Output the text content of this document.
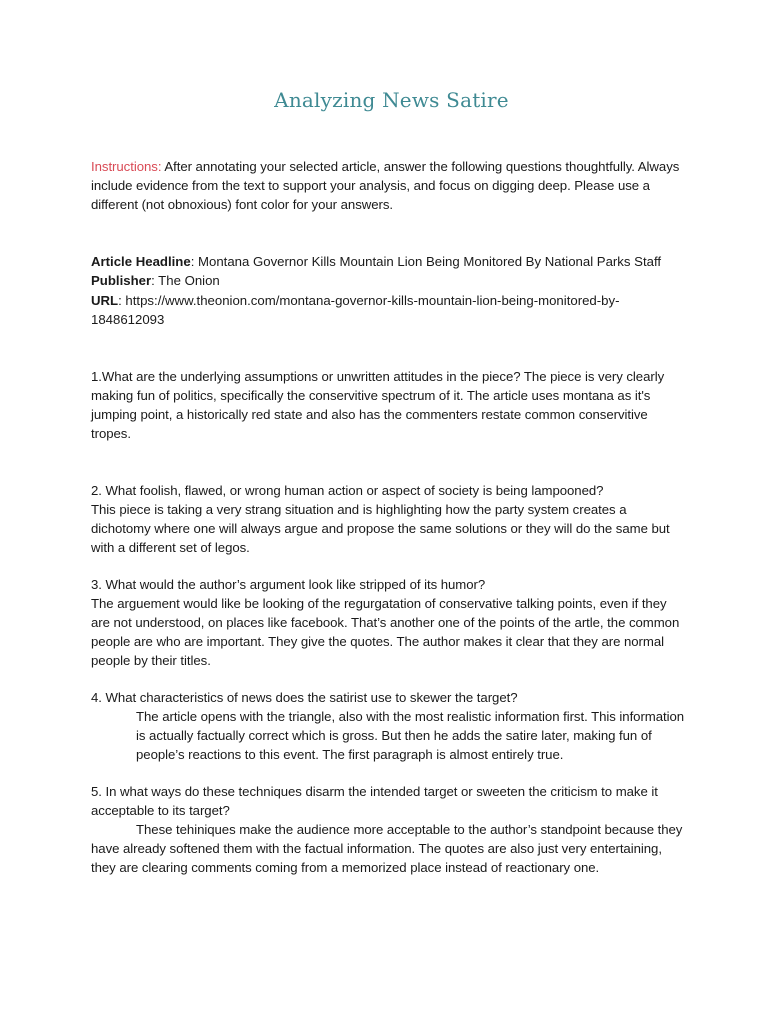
Analyzing News Satire

Instructions: After annotating your selected article, answer the following questions thoughtfully. Always include evidence from the text to support your analysis, and focus on digging deep. Please use a different (not obnoxious) font color for your answers.

Article Headline: Montana Governor Kills Mountain Lion Being Monitored By National Parks Staff

Publisher: The Onion

URL: https://www.theonion.com/montana-governor-kills-mountain-lion-being-monitored-by-1848612093

1.What are the underlying assumptions or unwritten attitudes in the piece? The piece is very clearly making fun of politics, specifically the conservitive spectrum of it. The article uses montana as it's jumping point, a historically red state and also has the commenters restate common conservitive tropes.

2. What foolish, flawed, or wrong human action or aspect of society is being lampooned?

This piece is taking a very strang situation and is highlighting how the party system creates a dichotomy where one will always argue and propose the same solutions or they will do the same but with a different set of legos.

3. What would the author’s argument look like stripped of its humor?

The arguement would like be looking of the regurgatation of conservative talking points, even if they are not understood, on places like facebook. That’s another one of the points of the artle, the common people are who are important. They give the quotes. The author makes it clear that they are normal people by their titles.

4. What characteristics of news does the satirist use to skewer the target?

The article opens with the triangle, also with the most realistic information first. This information is actually factually correct which is gross. But then he adds the satire later, making fun of people’s reactions to this event. The first paragraph is almost entirely true.

5. In what ways do these techniques disarm the intended target or sweeten the criticism to make it acceptable to its target?

These tehiniques make the audience more acceptable to the author’s standpoint because they have already softened them with the factual information. The quotes are also just very entertaining, they are clearing comments coming from a memorized place instead of reactionary one.
